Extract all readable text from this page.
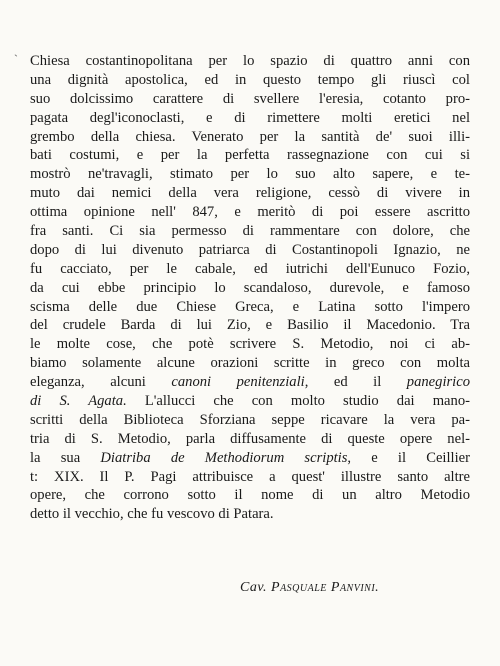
` Chiesa costantinopolitana per lo spazio di quattro anni con
una dignità apostolica, ed in questo tempo gli riuscì col
suo dolcissimo carattere di svellere l'eresia, cotanto pro-
pagata degl'iconoclasti, e di rimettere molti eretici nel
grembo della chiesa. Venerato per la santità de' suoi illi-
bati costumi, e per la perfetta rassegnazione con cui si
mostrò ne'travagli, stimato per lo suo alto sapere, e te-
muto dai nemici della vera religione, cessò di vivere in
ottima opinione nell' 847, e meritò di poi essere ascritto
fra santi. Ci sia permesso di rammentare con dolore, che
dopo di lui divenuto patriarca di Costantinopoli Ignazio, ne
fu cacciato, per le cabale, ed iutrichi dell'Eunuco Fozio,
da cui ebbe principio lo scandaloso, durevole, e famoso
scisma delle due Chiese Greca, e Latina sotto l'impero
del crudele Barda di lui Zio, e Basilio il Macedonio. Tra
le molte cose, che potè scrivere S. Metodio, noi ci ab-
biamo solamente alcune orazioni scritte in greco con molta
eleganza, alcuni canoni penitenziali, ed il panegirico
di S. Agata. L'allucci che con molto studio dai mano-
scritti della Biblioteca Sforziana seppe ricavare la vera pa-
tria di S. Metodio, parla diffusamente di queste opere nel-
la sua Diatriba de Methodiorum scriptis, e il Ceillier
t: XIX. Il P. Pagi attribuisce a quest' illustre santo altre
opere, che corrono sotto il nome di un altro Metodio
detto il vecchio, che fu vescovo di Patara.
Cav. Pasquale Panvini.
